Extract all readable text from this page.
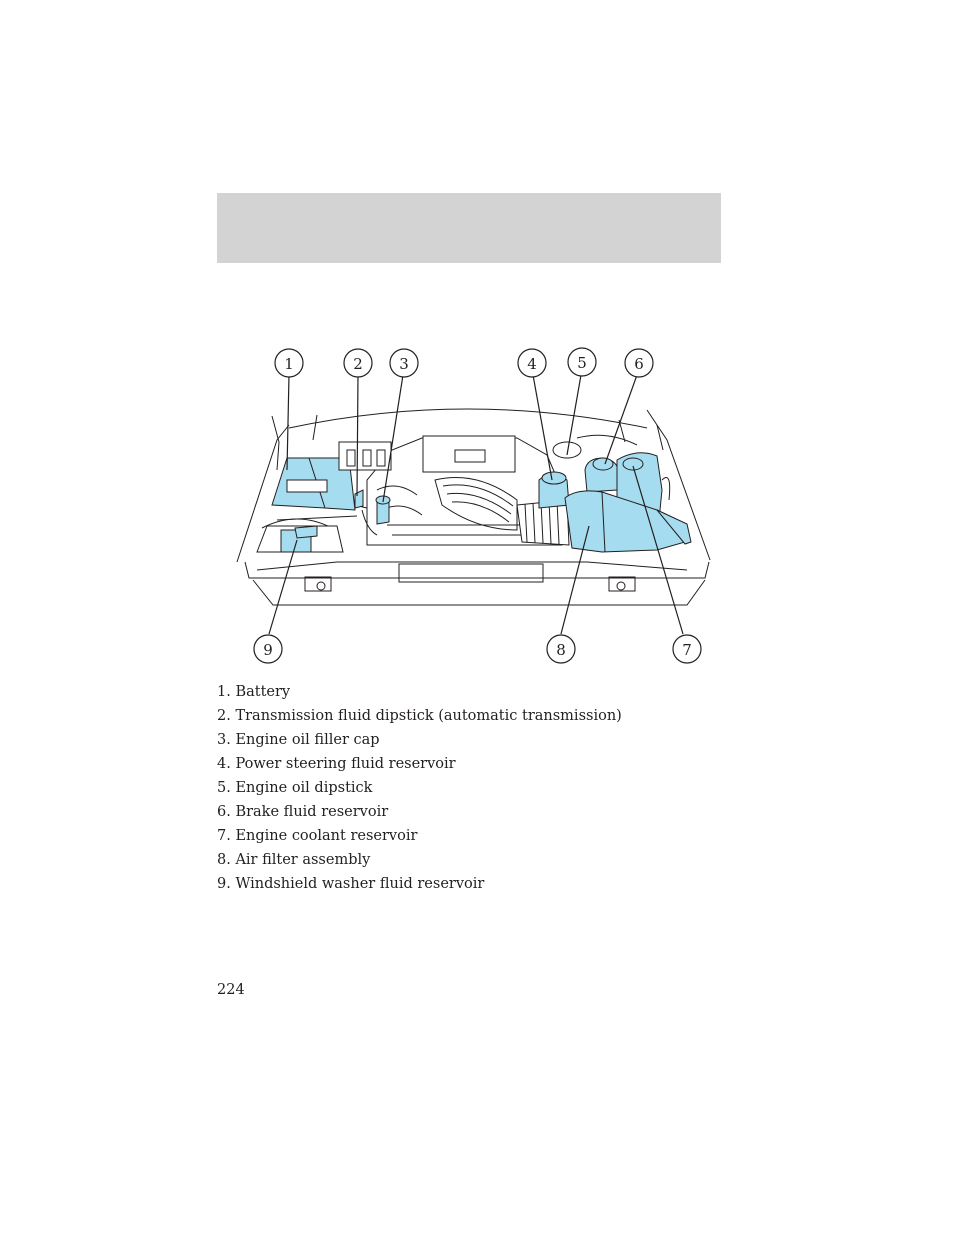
1	2 3	4	5	6
7
8
9
1. Battery
2. Transmission fluid dipstick (automatic transmission)
3. Engine oil filler cap
4. Power steering fluid reservoir
5. Engine oil dipstick
6. Brake fluid reservoir
7. Engine coolant reservoir
8. Air filter assembly
9. Windshield washer fluid reservoir
224
